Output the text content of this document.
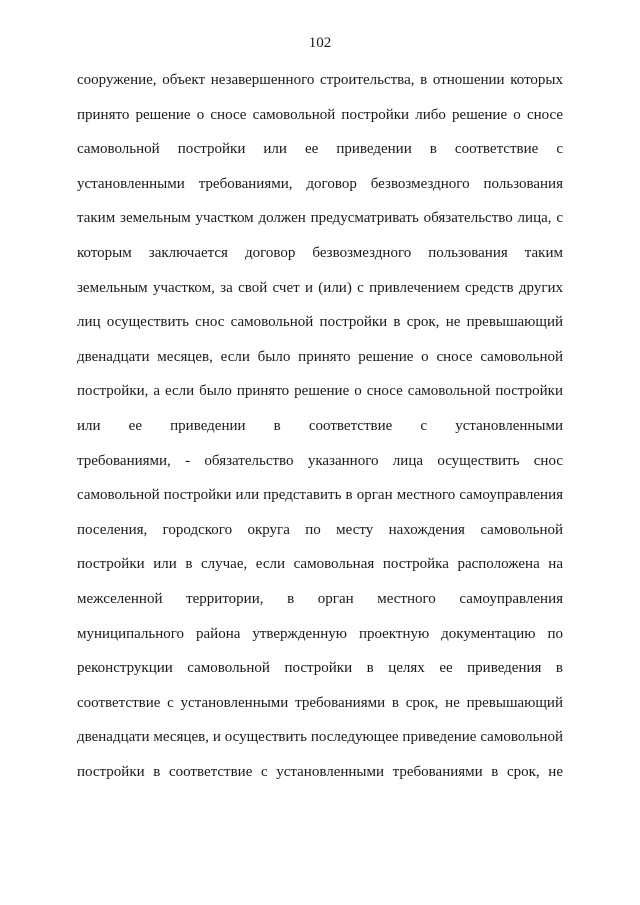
102
сооружение, объект незавершенного строительства, в отношении которых
принято решение о сносе самовольной постройки либо решение о сносе
самовольной постройки или ее приведении в соответствие с
установленными требованиями, договор безвозмездного пользования
таким земельным участком должен предусматривать обязательство лица, с
которым заключается договор безвозмездного пользования таким
земельным участком, за свой счет и (или) с привлечением средств других
лиц осуществить снос самовольной постройки в срок, не превышающий
двенадцати месяцев, если было принято решение о сносе самовольной
постройки, а если было принято решение о сносе самовольной постройки
или ее приведении в соответствие с установленными
требованиями, - обязательство указанного лица осуществить снос
самовольной постройки или представить в орган местного самоуправления
поселения, городского округа по месту нахождения самовольной
постройки или в случае, если самовольная постройка расположена на
межселенной территории, в орган местного самоуправления
муниципального района утвержденную проектную документацию по
реконструкции самовольной постройки в целях ее приведения в
соответствие с установленными требованиями в срок, не превышающий
двенадцати месяцев, и осуществить последующее приведение самовольной
постройки в соответствие с установленными требованиями в срок, не
